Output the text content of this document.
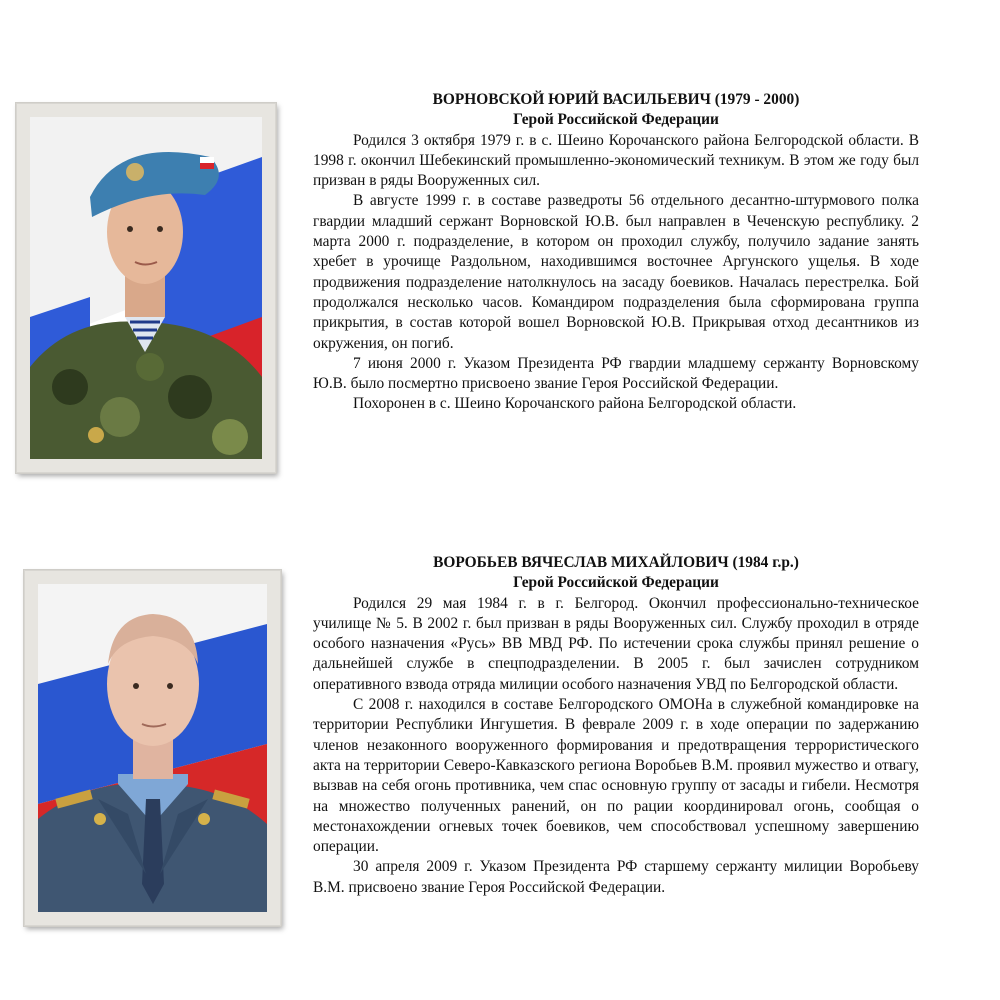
ВОРНОВСКОЙ ЮРИЙ ВАСИЛЬЕВИЧ (1979 - 2000)
Герой Российской Федерации

Родился 3 октября 1979 г. в с. Шеино Корочанского района Белгородской области. В 1998 г. окончил Шебекинский промышленно-экономический техникум. В этом же году был призван в ряды Вооруженных сил.

В августе 1999 г. в составе разведроты 56 отдельного десантно-штурмового полка гвардии младший сержант Ворновской Ю.В. был направлен в Чеченскую республику. 2 марта 2000 г. подразделение, в котором он проходил службу, получило задание занять хребет в урочище Раздольном, находившимся восточнее Аргунского ущелья. В ходе продвижения подразделение натолкнулось на засаду боевиков. Началась перестрелка. Бой продолжался несколько часов. Командиром подразделения была сформирована группа прикрытия, в состав которой вошел Ворновской Ю.В. Прикрывая отход десантников из окружения, он погиб.

7 июня 2000 г. Указом Президента РФ гвардии младшему сержанту Ворновскому Ю.В. было посмертно присвоено звание Героя Российской Федерации.

Похоронен в с. Шеино Корочанского района Белгородской области.

ВОРОБЬЕВ ВЯЧЕСЛАВ МИХАЙЛОВИЧ (1984 г.р.)
Герой Российской Федерации

Родился 29 мая 1984 г. в г. Белгород. Окончил профессионально-техническое училище № 5. В 2002 г. был призван в ряды Вооруженных сил. Службу проходил в отряде особого назначения «Русь» ВВ МВД РФ. По истечении срока службы принял решение о дальнейшей службе в спецподразделении. В 2005 г. был зачислен сотрудником оперативного взвода отряда милиции особого назначения УВД по Белгородской области.

С 2008 г. находился в составе Белгородского ОМОНа в служебной командировке на территории Республики Ингушетия. В феврале 2009 г. в ходе операции по задержанию членов незаконного вооруженного формирования и предотвращения террористического акта на территории Северо-Кавказского региона Воробьев В.М. проявил мужество и отвагу, вызвав на себя огонь противника, чем спас основную группу от засады и гибели. Несмотря на множество полученных ранений, он по рации координировал огонь, сообщая о местонахождении огневых точек боевиков, чем способствовал успешному завершению операции.

30 апреля 2009 г. Указом Президента РФ старшему сержанту милиции Воробьеву В.М. присвоено звание Героя Российской Федерации.
